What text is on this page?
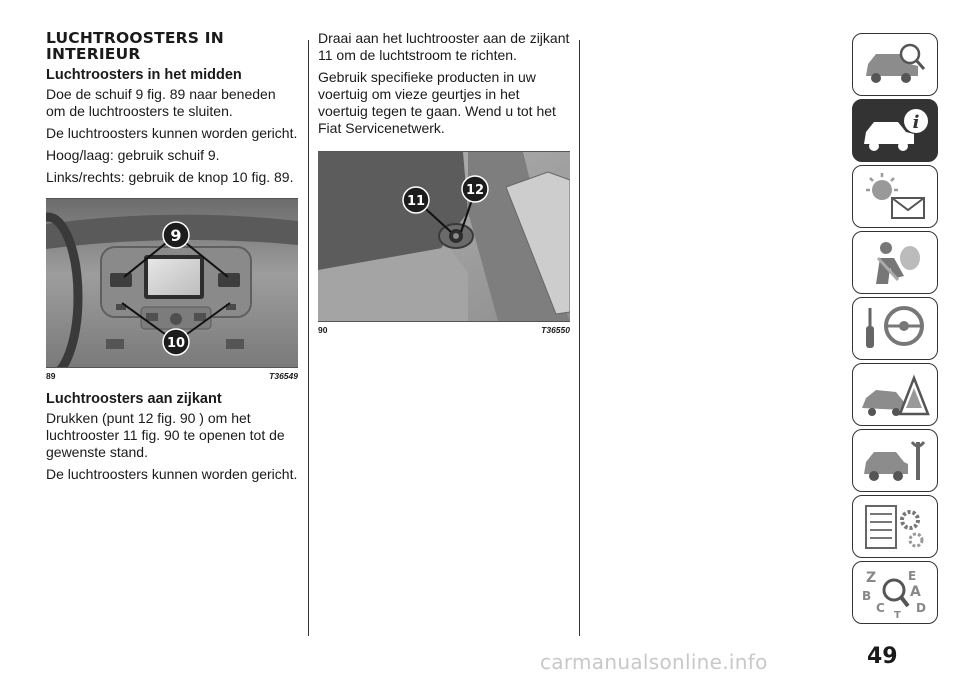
LUCHTROOSTERS IN
INTERIEUR
Luchtroosters in het midden

Doe de schuif 9 fig. 89 naar beneden om de luchtroosters te sluiten.

De luchtroosters kunnen worden gericht.

Hoog/laag: gebruik schuif 9.

Links/rechts: gebruik de knop 10 fig. 89.

9
10
89	T36549
Luchtroosters aan zijkant

Drukken (punt 12 fig. 90 ) om het luchtrooster 11 fig. 90 te openen tot de gewenste stand.

De luchtroosters kunnen worden gericht.

Draai aan het luchtrooster aan de zijkant 11 om de luchtstroom te richten.

Gebruik specifieke producten in uw voertuig om vieze geurtjes in het voertuig tegen te gaan. Wend u tot het Fiat Servicenetwerk.

11
12
90	T36550
i
Z	E
A
B
C	D
T
49
carmanualsonline.info
